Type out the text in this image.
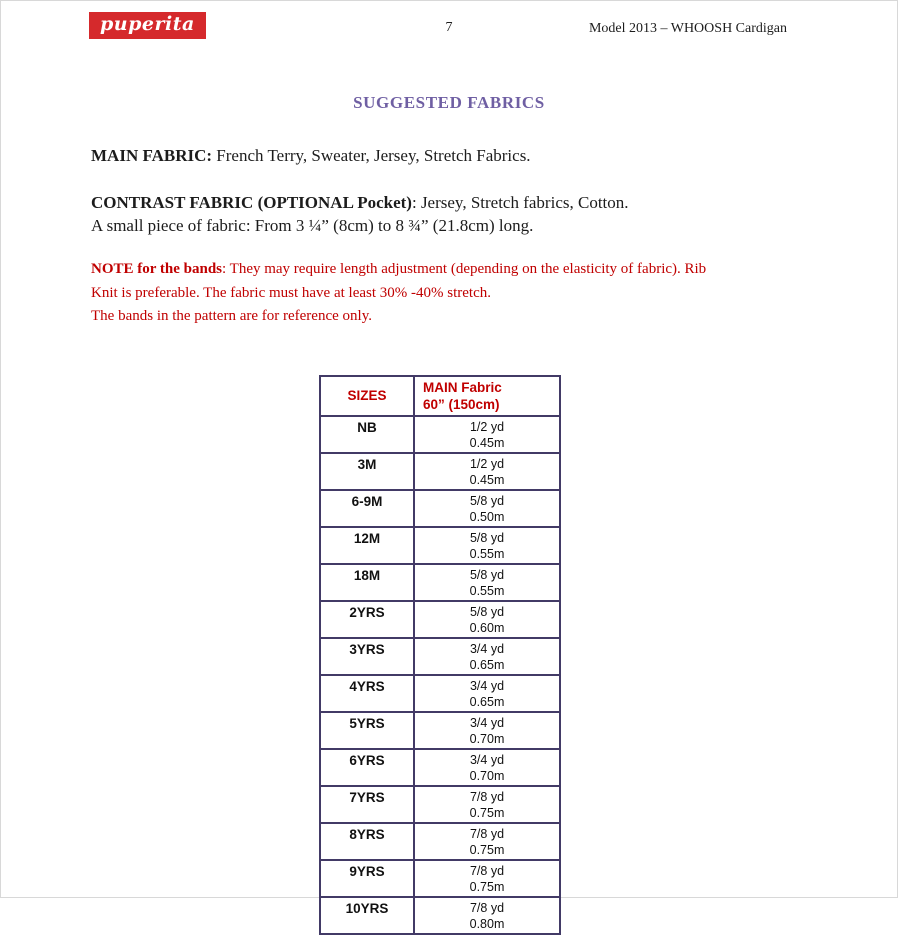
puperita	7	Model 2013 – WHOOSH Cardigan
SUGGESTED FABRICS

MAIN FABRIC: French Terry, Sweater, Jersey, Stretch Fabrics.

CONTRAST FABRIC (OPTIONAL Pocket): Jersey, Stretch fabrics, Cotton.
A small piece of fabric: From 3 ¼” (8cm) to 8 ¾” (21.8cm) long.

NOTE for the bands: They may require length adjustment (depending on the elasticity of fabric). Rib
Knit is preferable. The fabric must have at least 30% -40% stretch.
The bands in the pattern are for reference only.

SIZES	MAIN Fabric
60” (150cm)

NB	1/2 yd
0.45m

3M	1/2 yd
0.45m

6-9M	5/8 yd
0.50m

12M	5/8 yd
0.55m

18M	5/8 yd
0.55m

2YRS	5/8 yd
0.60m

3YRS	3/4 yd
0.65m

4YRS	3/4 yd
0.65m

5YRS	3/4 yd
0.70m

6YRS	3/4 yd
0.70m

7YRS	7/8 yd
0.75m

8YRS	7/8 yd
0.75m

9YRS	7/8 yd
0.75m

10YRS	7/8 yd
0.80m
